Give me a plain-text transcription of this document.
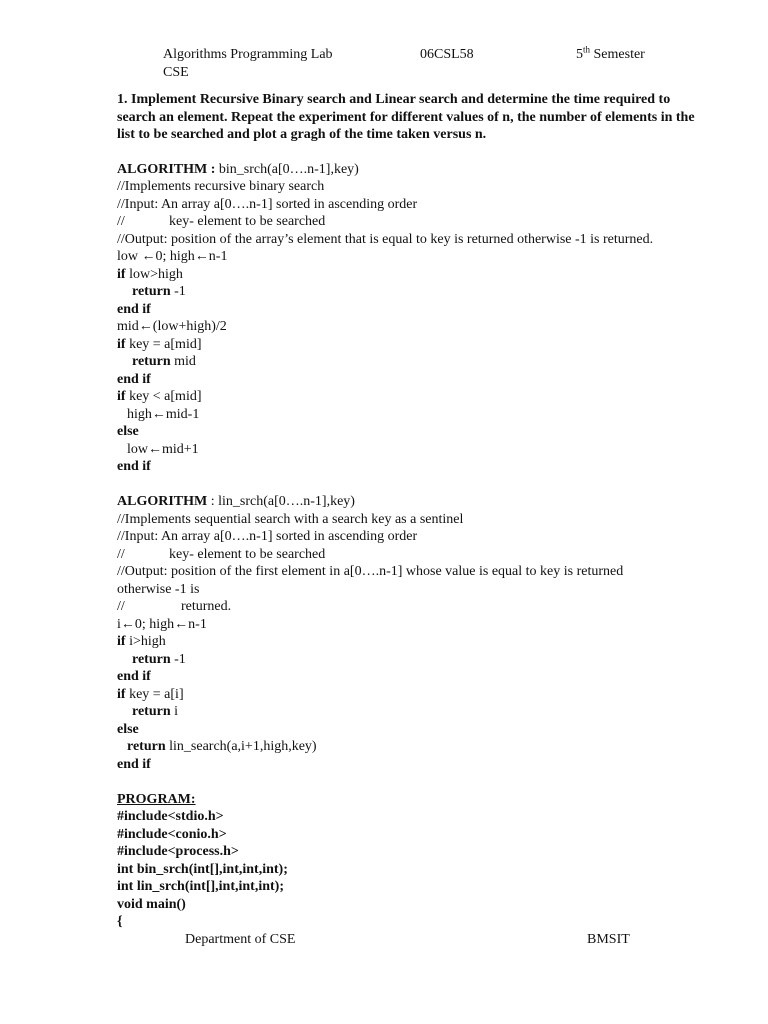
Algorithms Programming Lab	06CSL58	5th Semester
CSE
1. Implement Recursive Binary search and Linear search and determine the time required to search an element. Repeat the experiment for different values of n, the number of elements in the list to be searched and plot a gragh of the time taken versus n.
ALGORITHM : bin_srch(a[0….n-1],key)
//Implements recursive binary search
//Input: An array a[0….n-1] sorted in ascending order
//	key- element to be searched
//Output: position of the array’s element that is equal to key is returned otherwise -1 is returned.
low ←0; high←n-1
if low>high
return -1
end if
mid←(low+high)/2
if key = a[mid]
return mid
end if
if key < a[mid]
high←mid-1
else
low←mid+1
end if
ALGORITHM : lin_srch(a[0….n-1],key)
//Implements sequential search with a search key as a sentinel
//Input: An array a[0….n-1] sorted in ascending order
//	key- element to be searched
//Output: position of the first element in a[0….n-1] whose value is equal to key is returned
otherwise -1 is
//	returned.
i←0; high←n-1
if i>high
return -1
end if
if key = a[i]
return i
else
return lin_search(a,i+1,high,key)
end if
PROGRAM:
#include<stdio.h>
#include<conio.h>
#include<process.h>
int bin_srch(int[],int,int,int);
int lin_srch(int[],int,int,int);
void main()
{
Department of CSE	BMSIT
